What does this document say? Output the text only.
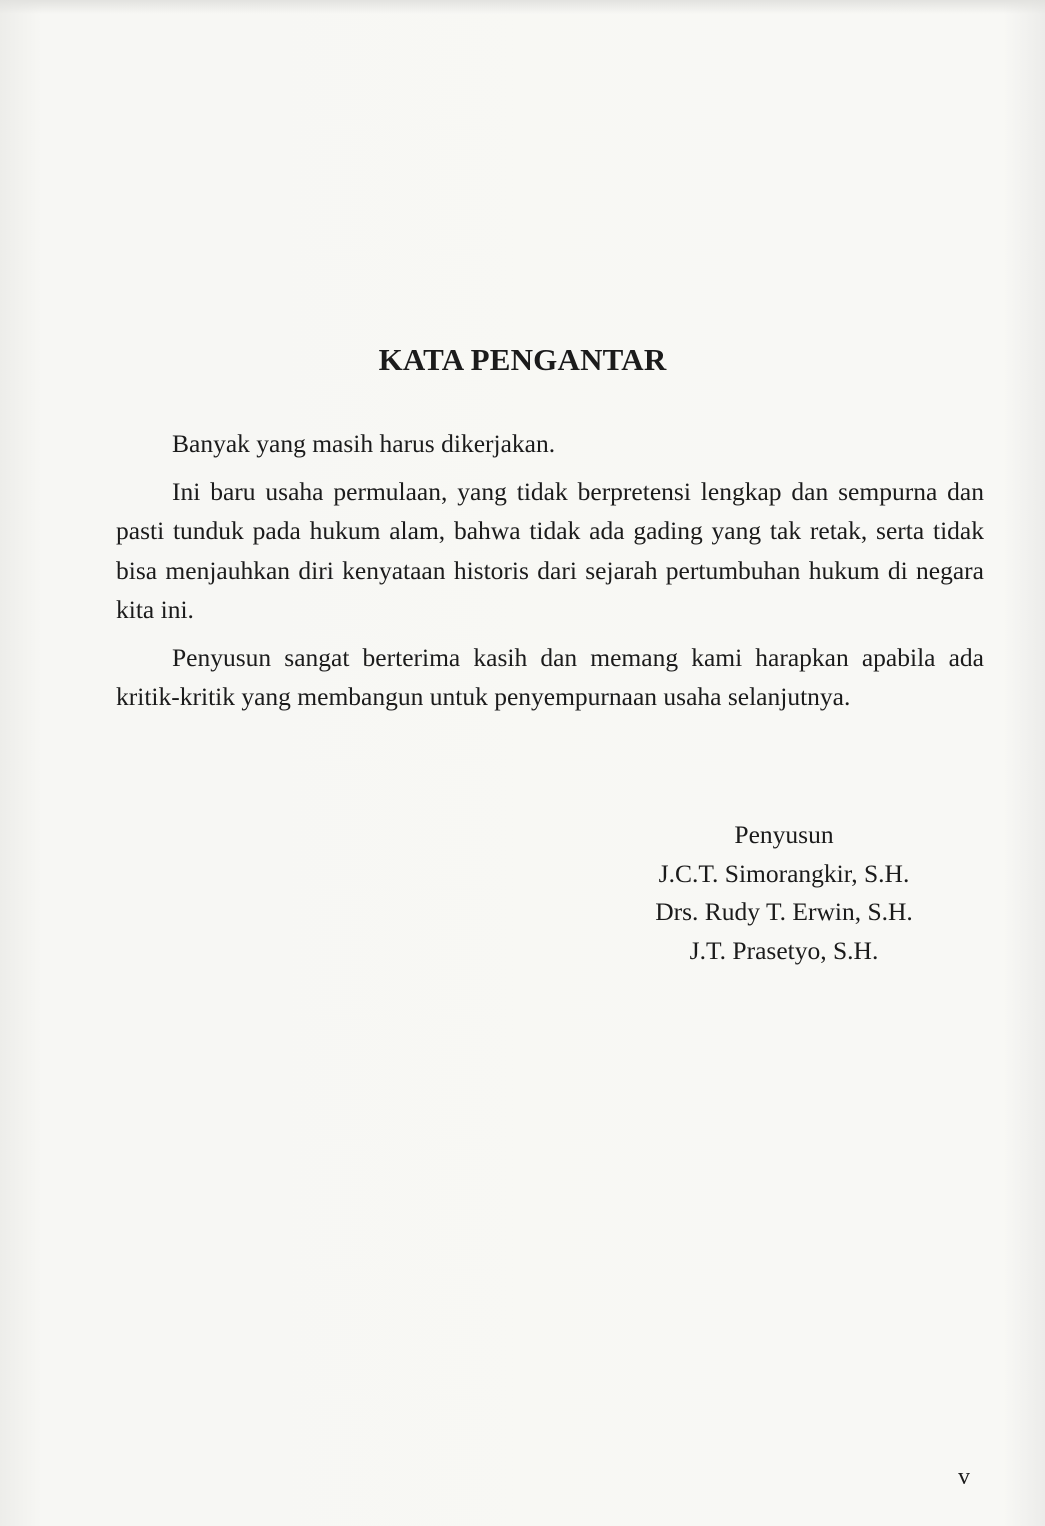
KATA PENGANTAR

Banyak yang masih harus dikerjakan.

Ini baru usaha permulaan, yang tidak berpretensi lengkap dan sempurna dan pasti tunduk pada hukum alam, bahwa tidak ada gading yang tak retak, serta tidak bisa menjauhkan diri kenyataan historis dari sejarah pertumbuhan hukum di negara kita ini.

Penyusun sangat berterima kasih dan memang kami harapkan apabila ada kritik-kritik yang membangun untuk penyempurnaan usaha selanjutnya.

Penyusun
J.C.T. Simorangkir, S.H.
Drs. Rudy T. Erwin, S.H.
J.T. Prasetyo, S.H.
v
